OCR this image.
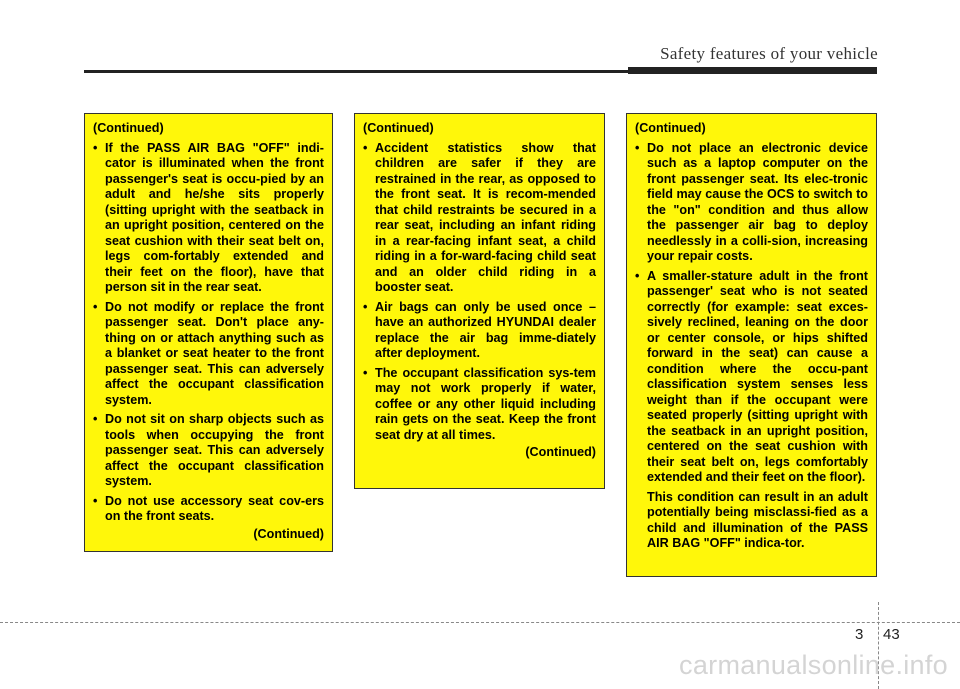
Safety features of your vehicle
(Continued)
• If the PASS AIR BAG "OFF" indi-cator is illuminated when the front passenger's seat is occu-pied by an adult and he/she sits properly (sitting upright with the seatback in an upright position, centered on the seat cushion with their seat belt on, legs com-fortably extended and their feet on the floor), have that person sit in the rear seat.
• Do not modify or replace the front passenger seat. Don't place any-thing on or attach anything such as a blanket or seat heater to the front passenger seat. This can adversely affect the occupant classification system.
• Do not sit on sharp objects such as tools when occupying the front passenger seat. This can adversely affect the occupant classification system.
• Do not use accessory seat cov-ers on the front seats.
(Continued)
(Continued)
• Accident statistics show that children are safer if they are restrained in the rear, as opposed to the front seat. It is recom-mended that child restraints be secured in a rear seat, including an infant riding in a rear-facing infant seat, a child riding in a for-ward-facing child seat and an older child riding in a booster seat.
• Air bags can only be used once – have an authorized HYUNDAI dealer replace the air bag imme-diately after deployment.
• The occupant classification sys-tem may not work properly if water, coffee or any other liquid including rain gets on the seat. Keep the front seat dry at all times.
(Continued)
(Continued)
• Do not place an electronic device such as a laptop computer on the front passenger seat. Its elec-tronic field may cause the OCS to switch to the "on" condition and thus allow the passenger air bag to deploy needlessly in a colli-sion, increasing your repair costs.
• A smaller-stature adult in the front passenger' seat who is not seated correctly (for example: seat exces-sively reclined, leaning on the door or center console, or hips shifted forward in the seat) can cause a condition where the occu-pant classification system senses less weight than if the occupant were seated properly (sitting upright with the seatback in an upright position, centered on the seat cushion with their seat belt on, legs comfortably extended and their feet on the floor).
This condition can result in an adult potentially being misclassi-fied as a child and illumination of the PASS AIR BAG "OFF" indica-tor.
3 43
carmanualsonline.info
